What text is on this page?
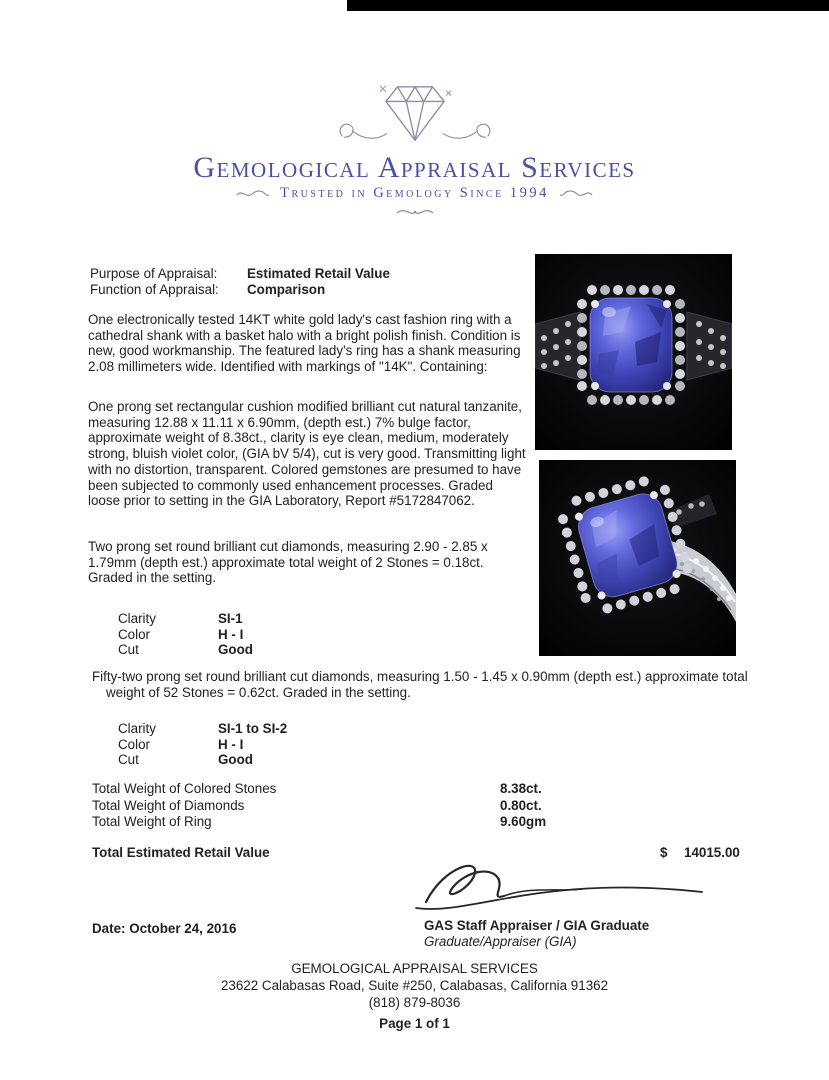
Gemological Appraisal Services
Trusted in Gemology Since 1994
Purpose of Appraisal: Estimated Retail Value
Function of Appraisal: Comparison

One electronically tested 14KT white gold lady's cast fashion ring with a cathedral shank with a basket halo with a bright polish finish. Condition is new, good workmanship. The featured lady's ring has a shank measuring 2.08 millimeters wide. Identified with markings of "14K". Containing:

One prong set rectangular cushion modified brilliant cut natural tanzanite, measuring 12.88 x 11.11 x 6.90mm, (depth est.) 7% bulge factor, approximate weight of 8.38ct., clarity is eye clean, medium, moderately strong, bluish violet color, (GIA bV 5/4), cut is very good. Transmitting light with no distortion, transparent. Colored gemstones are presumed to have been subjected to commonly used enhancement processes. Graded loose prior to setting in the GIA Laboratory, Report #5172847062.

Two prong set round brilliant cut diamonds, measuring 2.90 - 2.85 x 1.79mm (depth est.) approximate total weight of 2 Stones = 0.18ct. Graded in the setting.

Clarity	SI-1
Color	H - I
Cut	Good

Fifty-two prong set round brilliant cut diamonds, measuring 1.50 - 1.45 x 0.90mm (depth est.) approximate total weight of 52 Stones = 0.62ct. Graded in the setting.

Clarity	SI-1 to SI-2
Color	H - I
Cut	Good
Total Weight of Colored Stones	8.38ct.
Total Weight of Diamonds	0.80ct.
Total Weight of Ring	9.60gm
Total Estimated Retail Value	$ 14015.00
Date: October 24, 2016	GAS Staff Appraiser / GIA Graduate
Graduate/Appraiser (GIA)
GEMOLOGICAL APPRAISAL SERVICES
23622 Calabasas Road, Suite #250, Calabasas, California 91362
(818) 879-8036
Page 1 of 1
